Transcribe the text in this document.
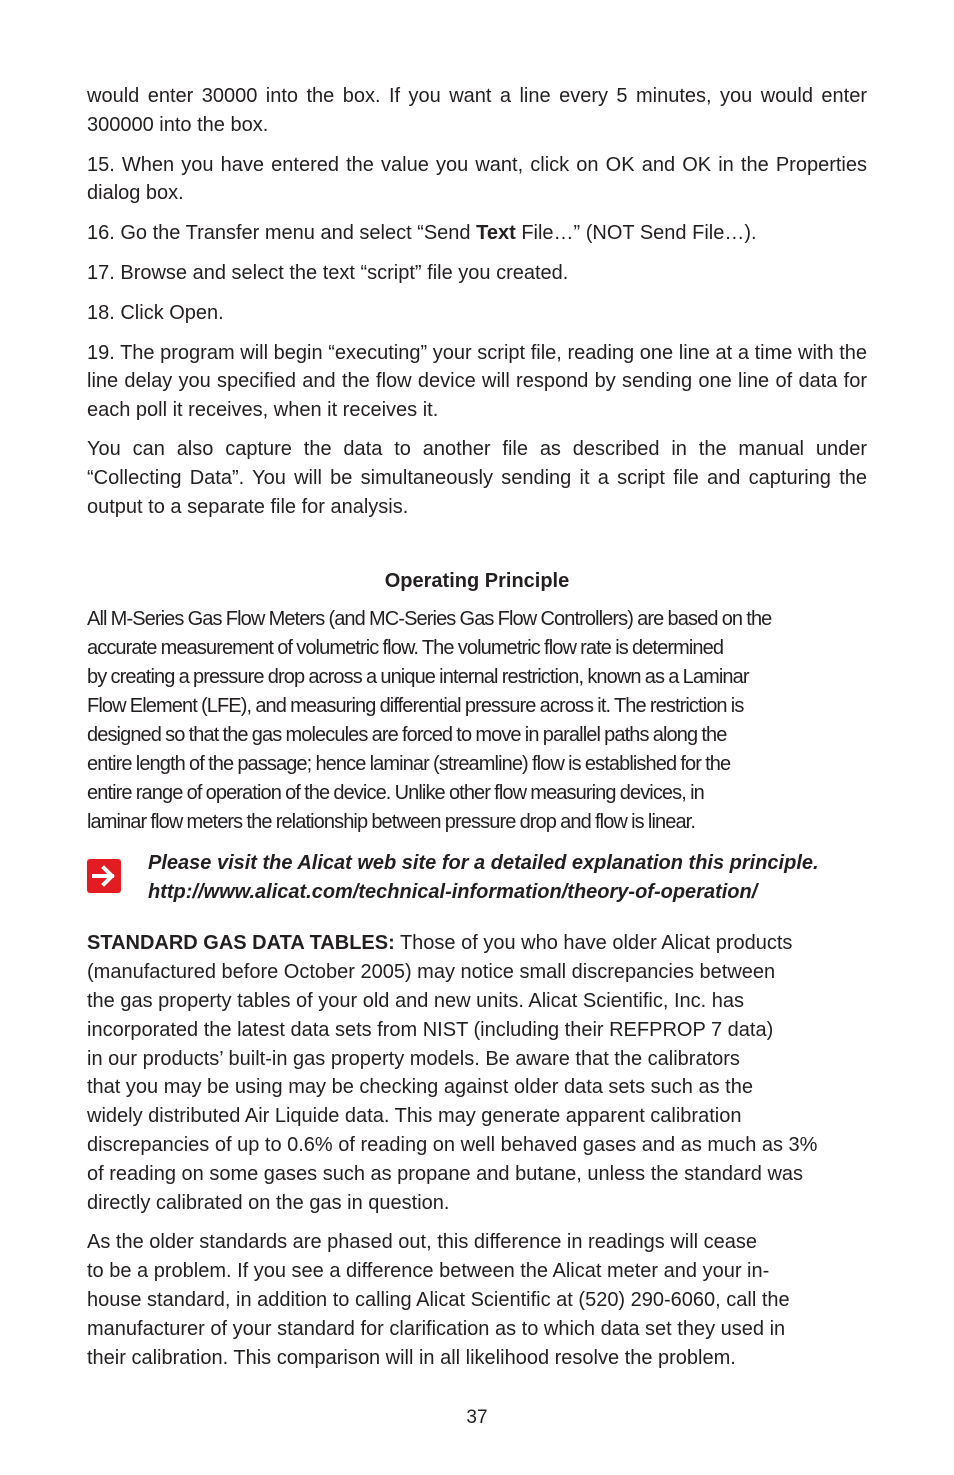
would enter 30000 into the box. If you want a line every 5 minutes, you would enter 300000 into the box.

15. When you have entered the value you want, click on OK and OK in the Properties dialog box.

16. Go the Transfer menu and select “Send Text File…” (NOT Send File…).

17. Browse and select the text “script” file you created.

18. Click Open.

19. The program will begin “executing” your script file, reading one line at a time with the line delay you specified and the flow device will respond by sending one line of data for each poll it receives, when it receives it.

You can also capture the data to another file as described in the manual under “Collecting Data”. You will be simultaneously sending it a script file and capturing the output to a separate file for analysis.

Operating Principle

All M-Series Gas Flow Meters (and MC-Series Gas Flow Controllers) are based on the
accurate measurement of volumetric flow. The volumetric flow rate is determined
by creating a pressure drop across a unique internal restriction, known as a Laminar
Flow Element (LFE), and measuring differential pressure across it. The restriction is
designed so that the gas molecules are forced to move in parallel paths along the
entire length of the passage; hence laminar (streamline) flow is established for the
entire range of operation of the device. Unlike other flow measuring devices, in
laminar flow meters the relationship between pressure drop and flow is linear.

Please visit the Alicat web site for a detailed explanation this principle.

http://www.alicat.com/technical-information/theory-of-operation/

STANDARD GAS DATA TABLES: Those of you who have older Alicat products
(manufactured before October 2005) may notice small discrepancies between
the gas property tables of your old and new units. Alicat Scientific, Inc. has
incorporated the latest data sets from NIST (including their REFPROP 7 data)
in our products’ built-in gas property models. Be aware that the calibrators
that you may be using may be checking against older data sets such as the
widely distributed Air Liquide data. This may generate apparent calibration
discrepancies of up to 0.6% of reading on well behaved gases and as much as 3%
of reading on some gases such as propane and butane, unless the standard was
directly calibrated on the gas in question.

As the older standards are phased out, this difference in readings will cease
to be a problem. If you see a difference between the Alicat meter and your in-
house standard, in addition to calling Alicat Scientific at (520) 290-6060, call the
manufacturer of your standard for clarification as to which data set they used in
their calibration. This comparison will in all likelihood resolve the problem.

37
